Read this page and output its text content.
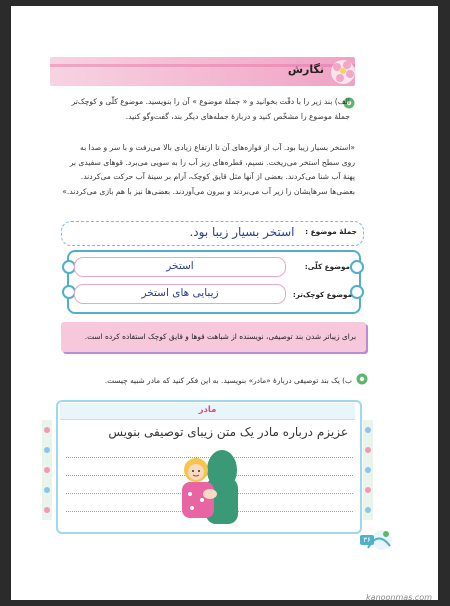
نگارش
الف) بند زیر را با دقّت بخوانید و « جملهٔ موضوع » آن را بنویسید. موضوع کلّی و کوچک‌تر
جملهٔ موضوع را مشخّص کنید و دربارهٔ جمله‌های دیگر بند، گفت‌وگو کنید.
«استخر بسیار زیبا بود. آب از فواره‌های آن تا ارتفاع زیادی بالا می‌رفت و با سر و صدا به
روی سطح استخر می‌ریخت. نسیم، قطره‌های ریز آب را به سویی می‌برد. قوهای سفیدی بر
پهنهٔ آب شنا می‌کردند. بعضی از آنها مثل قایق کوچک، آرام بر سینهٔ آب حرکت می‌کردند.
بعضی‌ها سرهایشان را زیر آب می‌بردند و بیرون می‌آوردند. بعضی‌ها نیز با هم بازی می‌کردند.»
جملهٔ موضوع :
استخر بسیار زیبا بود.
استخر	موضوع کلّی:
زیبایی های استخر	موضوع کوچک‌تر:
برای زیباتر شدن بند توصیفی، نویسنده از شباهت قوها و قایق کوچک استفاده کرده است.
ب) یک بند توصیفی دربارهٔ «مادر» بنویسید. به این فکر کنید که مادر شبیه چیست.
مادر
عزیزم درباره مادر یک متن زیبای توصیفی بنویس
۳۶
kanoonmas.com
